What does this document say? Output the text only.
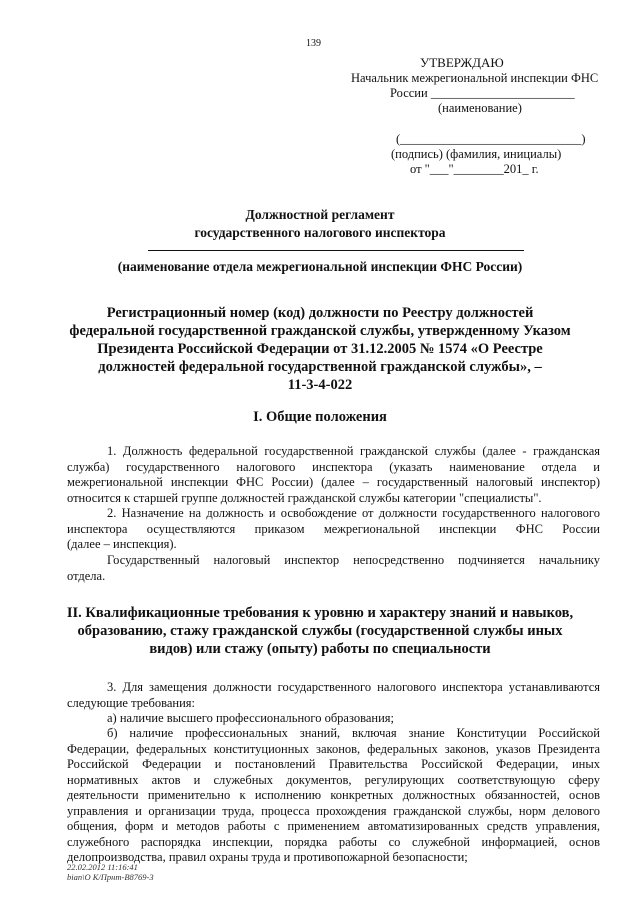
139
УТВЕРЖДАЮ
Начальник межрегиональной инспекции ФНС
России _______________________
(наименование)
(_____________________________)
(подпись) (фамилия, инициалы)
от "___"________201_ г.
Должностной регламент
государственного налогового инспектора
(наименование отдела межрегиональной инспекции ФНС России)
Регистрационный номер (код) должности по Реестру должностей
федеральной государственной гражданской службы, утвержденному Указом
Президента Российской Федерации от 31.12.2005 № 1574 «О Реестре
должностей федеральной государственной гражданской службы», –
11-3-4-022
I. Общие положения
1. Должность федеральной государственной гражданской службы (далее - гражданская
служба) государственного налогового инспектора (указать наименование отдела и
межрегиональной инспекции ФНС России) (далее – государственный налоговый инспектор)
относится к старшей группе должностей гражданской службы категории "специалисты".
2. Назначение на должность и освобождение от должности государственного налогового
инспектора осуществляются приказом межрегиональной инспекции ФНС России
(далее – инспекция).
Государственный налоговый инспектор непосредственно подчиняется начальнику
отдела.
II. Квалификационные требования к уровню и характеру знаний и навыков,
образованию, стажу гражданской службы (государственной службы иных
видов) или стажу (опыту) работы по специальности
3. Для замещения должности государственного налогового инспектора устанавливаются
следующие требования:
а) наличие высшего профессионального образования;
б) наличие профессиональных знаний, включая знание Конституции Российской
Федерации, федеральных конституционных законов, федеральных законов, указов Президента
Российской Федерации и постановлений Правительства Российской Федерации, иных
нормативных актов и служебных документов, регулирующих соответствующую сферу
деятельности применительно к исполнению конкретных должностных обязанностей, основ
управления и организации труда, процесса прохождения гражданской службы, норм делового
общения, форм и методов работы с применением автоматизированных средств управления,
служебного распорядка инспекции, порядка работы со служебной информацией, основ
делопроизводства, правил охраны труда и противопожарной безопасности;
22.02.2012 11:16:41
bian\O К/Прнт-В8769-3
